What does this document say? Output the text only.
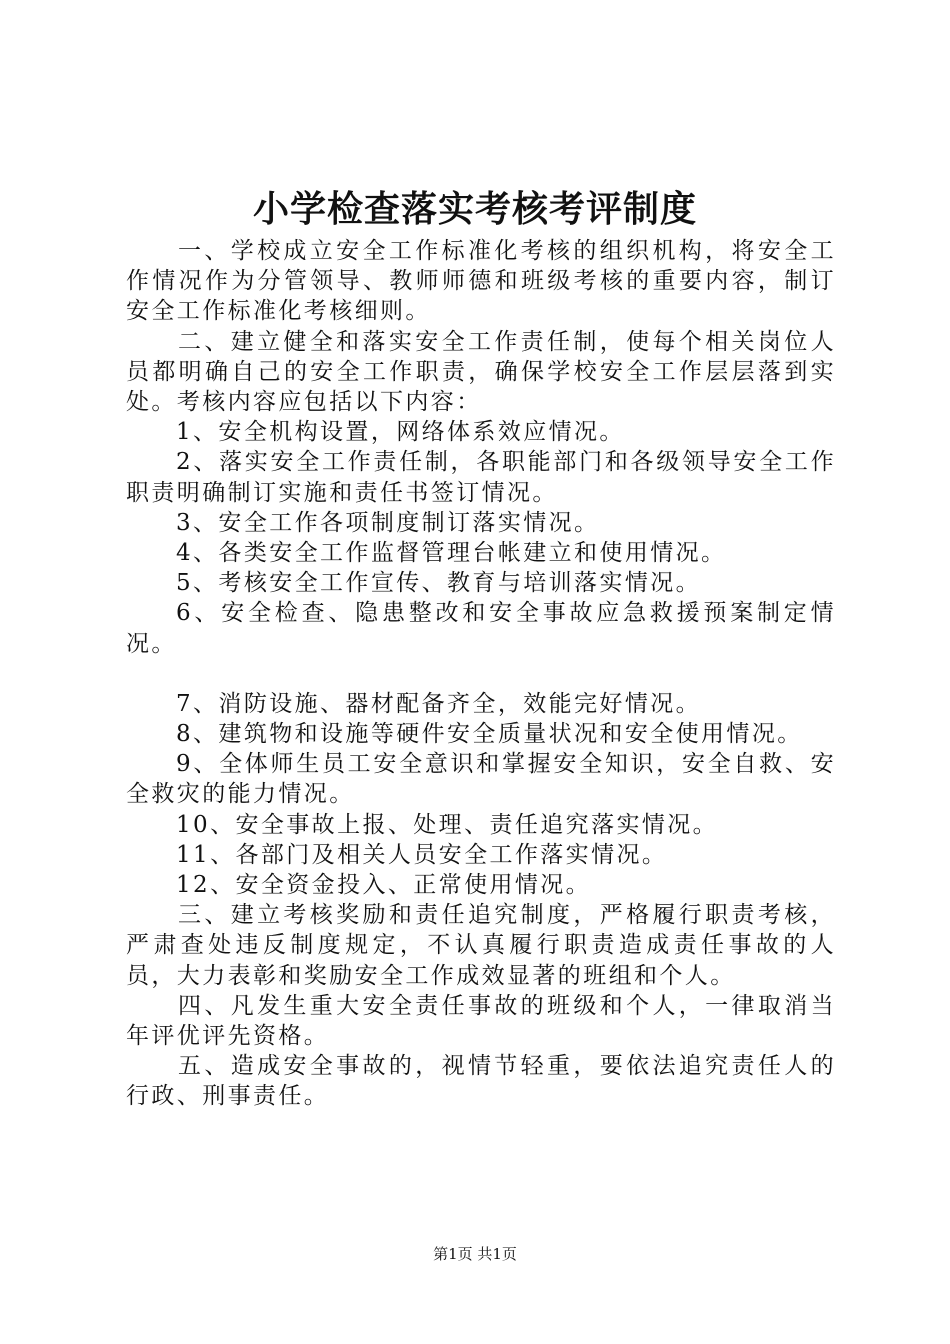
小学检查落实考核考评制度

一、学校成立安全工作标准化考核的组织机构，将安全工作情况作为分管领导、教师师德和班级考核的重要内容，制订安全工作标准化考核细则。

二、建立健全和落实安全工作责任制，使每个相关岗位人员都明确自己的安全工作职责，确保学校安全工作层层落到实处。考核内容应包括以下内容：

1、安全机构设置，网络体系效应情况。

2、落实安全工作责任制，各职能部门和各级领导安全工作职责明确制订实施和责任书签订情况。

3、安全工作各项制度制订落实情况。

4、各类安全工作监督管理台帐建立和使用情况。

5、考核安全工作宣传、教育与培训落实情况。

6、安全检查、隐患整改和安全事故应急救援预案制定情况。

7、消防设施、器材配备齐全，效能完好情况。

8、建筑物和设施等硬件安全质量状况和安全使用情况。

9、全体师生员工安全意识和掌握安全知识，安全自救、安全救灾的能力情况。

10、安全事故上报、处理、责任追究落实情况。

11、各部门及相关人员安全工作落实情况。

12、安全资金投入、正常使用情况。

三、建立考核奖励和责任追究制度，严格履行职责考核，严肃查处违反制度规定，不认真履行职责造成责任事故的人员，大力表彰和奖励安全工作成效显著的班组和个人。

四、凡发生重大安全责任事故的班级和个人，一律取消当年评优评先资格。

五、造成安全事故的，视情节轻重，要依法追究责任人的行政、刑事责任。

第1页 共1页
